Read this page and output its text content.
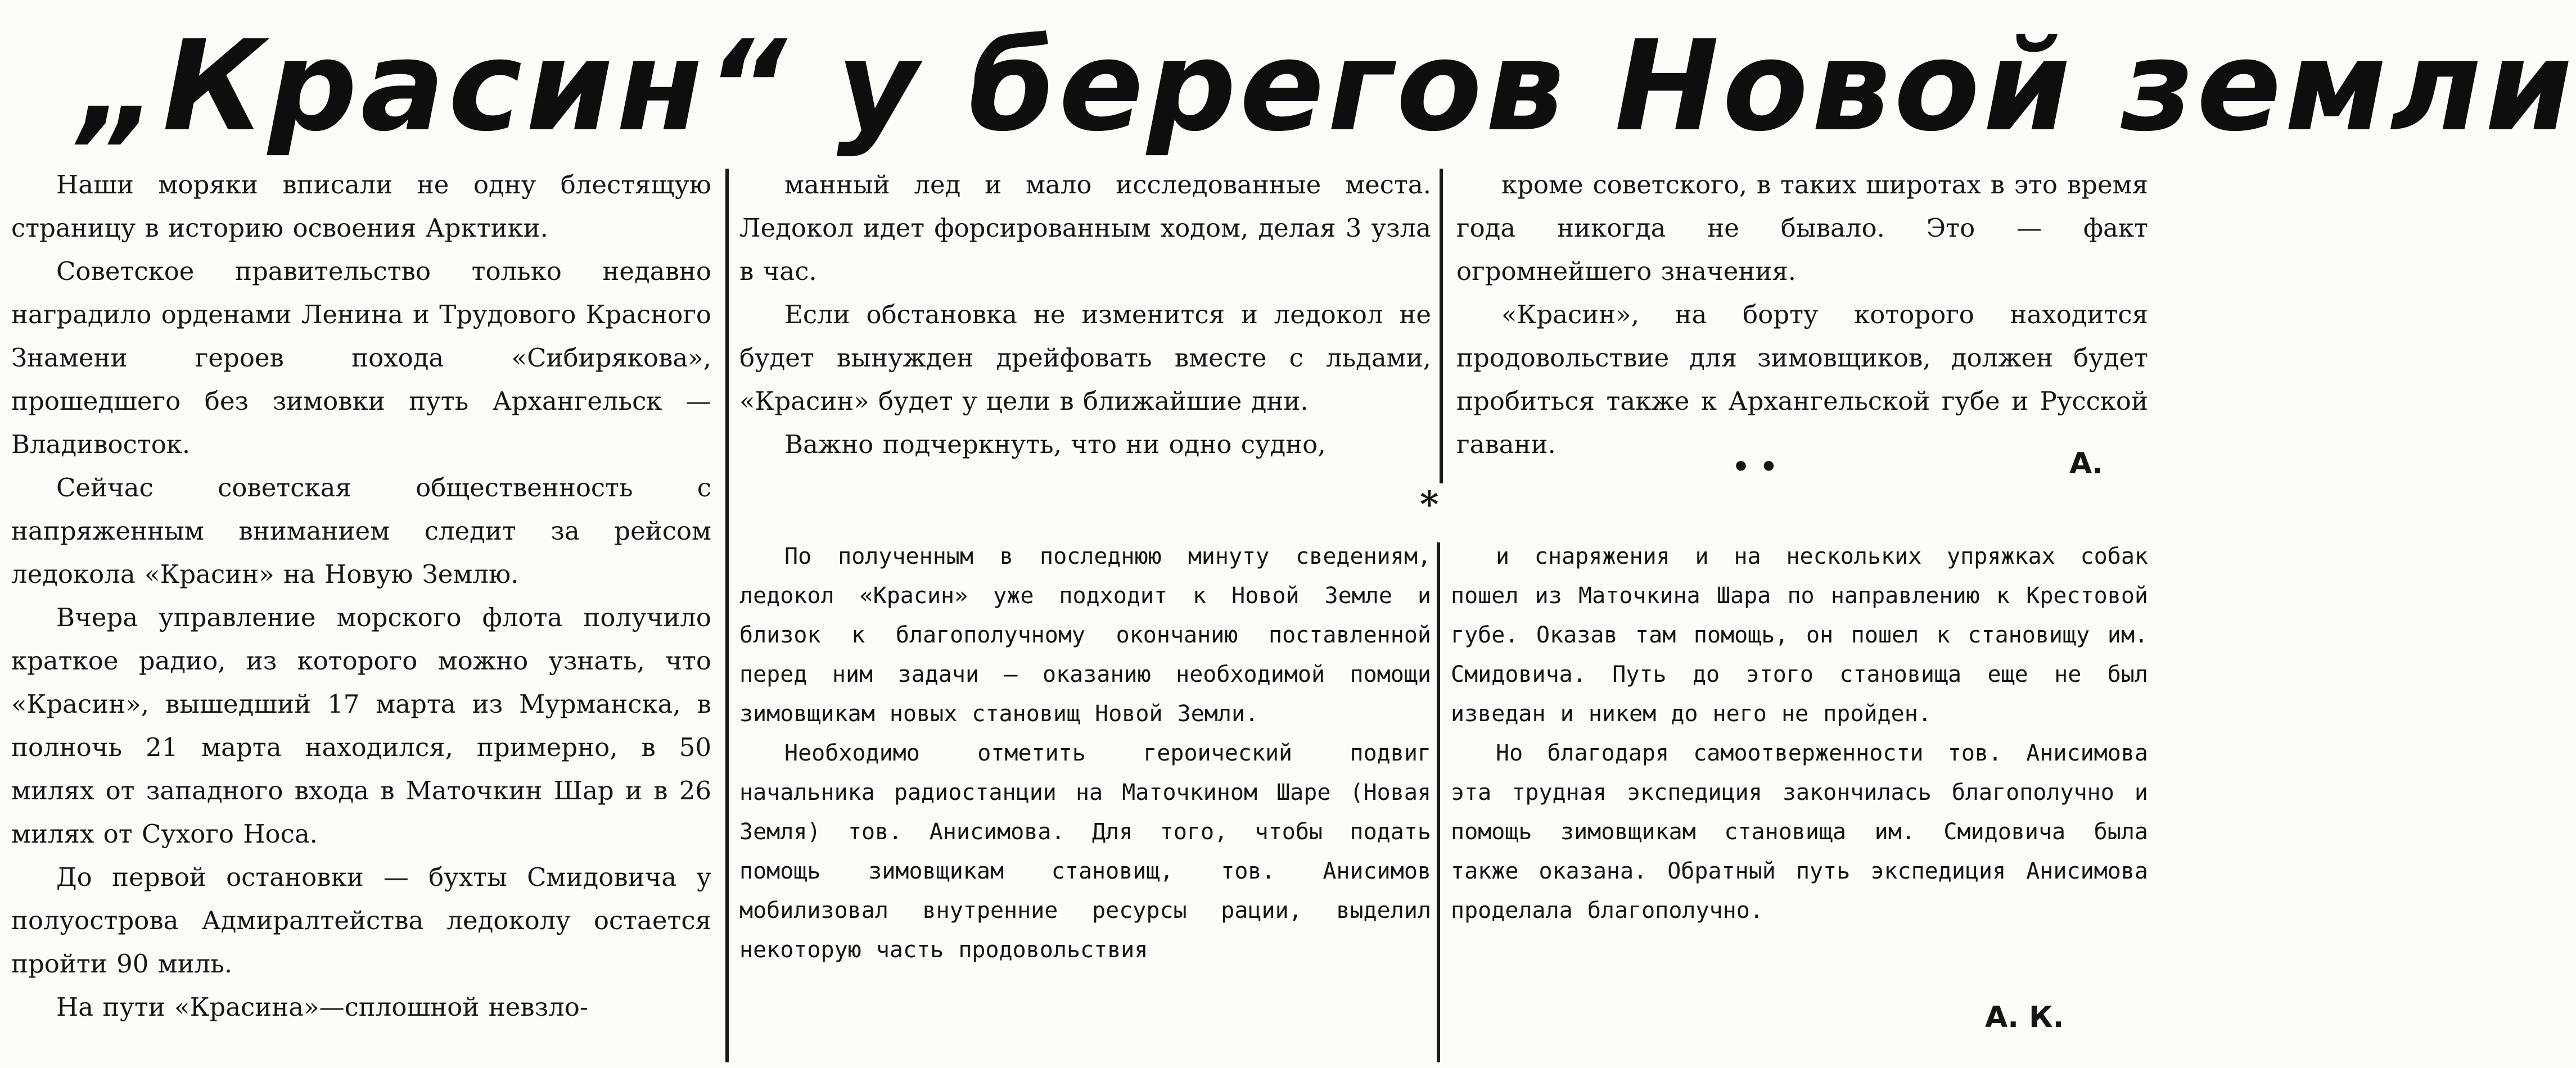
„Красин“ у берегов Новой земли

Наши моряки вписали не одну блестящую страницу в историю освоения Арктики.

Советское правительство только недавно наградило орденами Ленина и Трудового Красного Знамени героев похода «Сибирякова», прошедшего без зимовки путь Архангельск — Владивосток.

Сейчас советская общественность с напряженным вниманием следит за рейсом ледокола «Красин» на Новую Землю.

Вчера управление морского флота получило краткое радио, из которого можно узнать, что «Красин», вышедший 17 марта из Мурманска, в полночь 21 марта находился, примерно, в 50 милях от западного входа в Маточкин Шар и в 26 милях от Сухого Носа.

До первой остановки — бухты Смидовича у полуострова Адмиралтейства ледоколу остается пройти 90 миль.

На пути «Красина»—сплошной невзло-

манный лед и мало исследованные места. Ледокол идет форсированным ходом, делая 3 узла в час.

Если обстановка не изменится и ледокол не будет вынужден дрейфовать вместе с льдами, «Красин» будет у цели в ближайшие дни.

Важно подчеркнуть, что ни одно судно,

кроме советского, в таких широтах в это время года никогда не бывало. Это — факт огромнейшего значения.

«Красин», на борту которого находится продовольствие для зимовщиков, должен будет пробиться также к Архангельской губе и Русской гавани.

• •	А.
*

По полученным в последнюю минуту сведениям, ледокол «Красин» уже подходит к Новой Земле и близок к благополучному окончанию поставленной перед ним задачи — оказанию необходимой помощи зимовщикам новых становищ Новой Земли.

Необходимо отметить героический подвиг начальника радиостанции на Маточкином Шаре (Новая Земля) тов. Анисимова. Для того, чтобы подать помощь зимовщикам становищ, тов. Анисимов мобилизовал внутренние ресурсы рации, выделил некоторую часть продовольствия

и снаряжения и на нескольких упряжках собак пошел из Маточкина Шара по направлению к Крестовой губе. Оказав там помощь, он пошел к становищу им. Смидовича. Путь до этого становища еще не был изведан и никем до него не пройден.

Но благодаря самоотверженности тов. Анисимова эта трудная экспедиция закончилась благополучно и помощь зимовщикам становища им. Смидовича была также оказана. Обратный путь экспедиция Анисимова проделала благополучно.

А. К.
